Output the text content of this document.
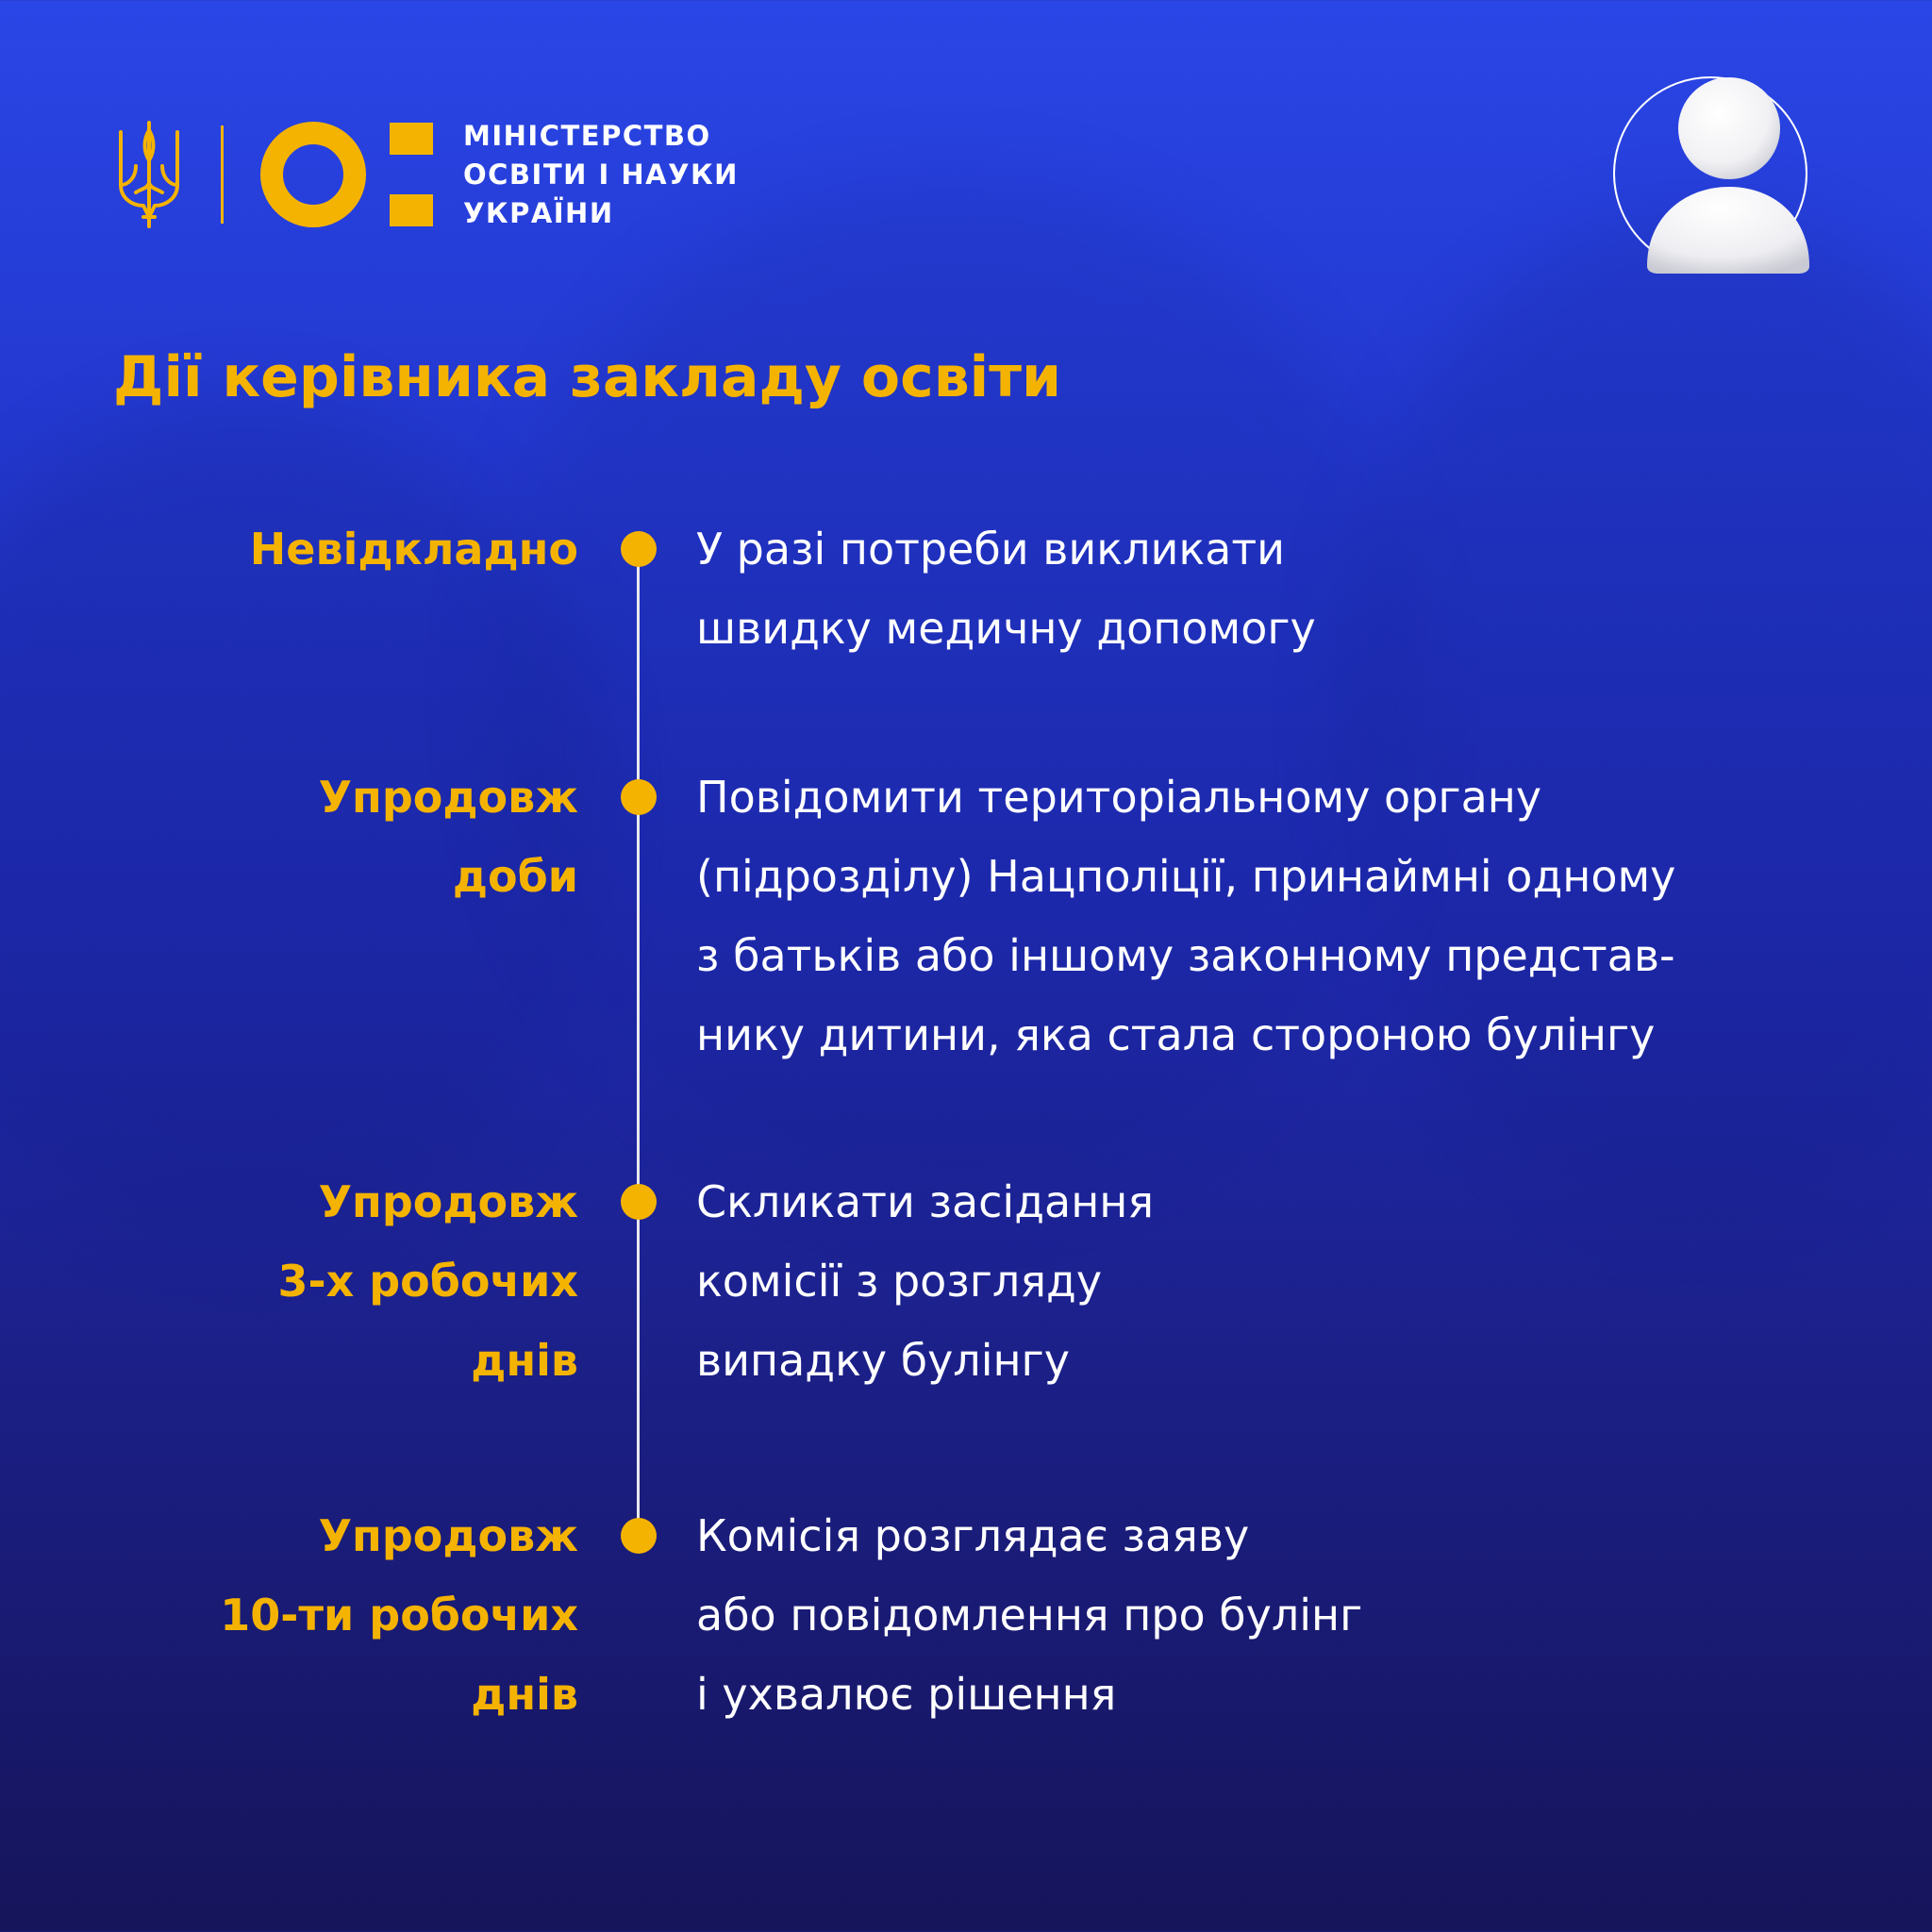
МІНІСТЕРСТВО
ОСВІТИ І НАУКИ
УКРАЇНИ
Дії керівника закладу освіти
Невідкладно	У разі потреби викликати
швидку медичну допомогу
Упродовж
доби
Повідомити територіальному органу
(підрозділу) Нацполіції, принаймні одному
з батьків або іншому законному представ-
нику дитини, яка стала стороною булінгу
Упродовж
3-х робочих
днів
Скликати засідання
комісії з розгляду
випадку булінгу
Упродовж
10-ти робочих
днів
Комісія розглядає заяву
або повідомлення про булінг
і ухвалює рішення
